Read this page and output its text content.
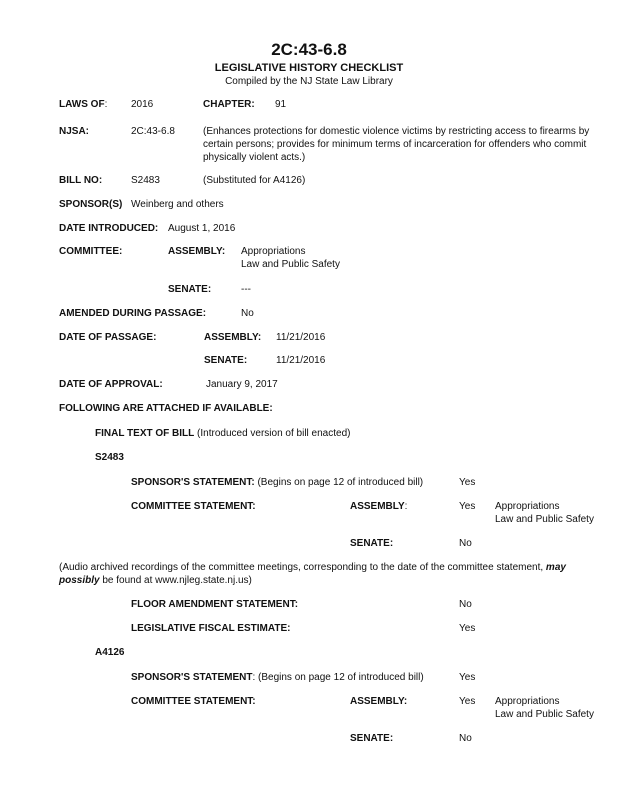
2C:43-6.8
LEGISLATIVE HISTORY CHECKLIST
Compiled by the NJ State Law Library
LAWS OF: 2016	CHAPTER: 91
NJSA:	2C:43-6.8	(Enhances protections for domestic violence victims by restricting access to firearms by certain persons; provides for minimum terms of incarceration for offenders who commit physically violent acts.)
BILL NO:	S2483	(Substituted for A4126)
SPONSOR(S) Weinberg and others
DATE INTRODUCED: August 1, 2016
COMMITTEE:	ASSEMBLY: Appropriations
Law and Public Safety
SENATE:	---
AMENDED DURING PASSAGE:	No
DATE OF PASSAGE:	ASSEMBLY: 11/21/2016
SENATE:	11/21/2016
DATE OF APPROVAL:	January 9, 2017
FOLLOWING ARE ATTACHED IF AVAILABLE:
FINAL TEXT OF BILL (Introduced version of bill enacted)
S2483
SPONSOR'S STATEMENT: (Begins on page 12 of introduced bill)	Yes
COMMITTEE STATEMENT:	ASSEMBLY:	Yes Appropriations
Law and Public Safety
SENATE:	No
(Audio archived recordings of the committee meetings, corresponding to the date of the committee statement, may possibly be found at www.njleg.state.nj.us)
FLOOR AMENDMENT STATEMENT:	No
LEGISLATIVE FISCAL ESTIMATE:	Yes
A4126
SPONSOR'S STATEMENT: (Begins on page 12 of introduced bill)	Yes
COMMITTEE STATEMENT:	ASSEMBLY:	Yes Appropriations
Law and Public Safety
SENATE:	No
